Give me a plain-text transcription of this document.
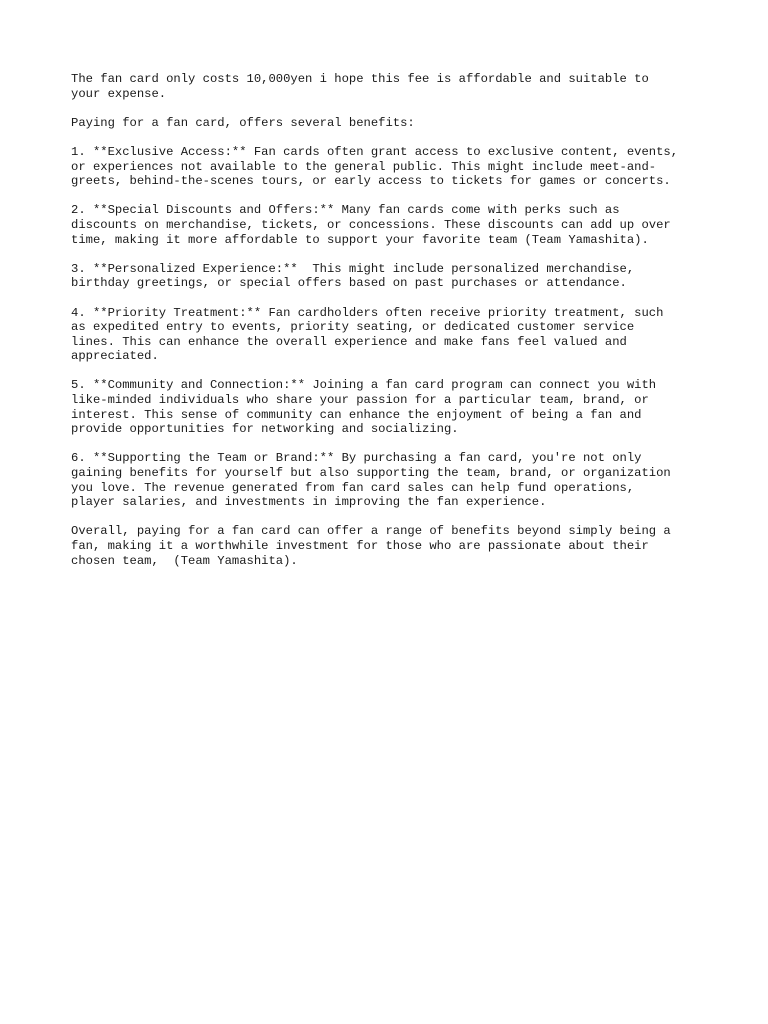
The fan card only costs 10,000yen i hope this fee is affordable and suitable to
your expense.

Paying for a fan card, offers several benefits:

1. **Exclusive Access:** Fan cards often grant access to exclusive content, events,
or experiences not available to the general public. This might include meet-and-
greets, behind-the-scenes tours, or early access to tickets for games or concerts.

2. **Special Discounts and Offers:** Many fan cards come with perks such as
discounts on merchandise, tickets, or concessions. These discounts can add up over
time, making it more affordable to support your favorite team (Team Yamashita).

3. **Personalized Experience:**  This might include personalized merchandise,
birthday greetings, or special offers based on past purchases or attendance.

4. **Priority Treatment:** Fan cardholders often receive priority treatment, such
as expedited entry to events, priority seating, or dedicated customer service
lines. This can enhance the overall experience and make fans feel valued and
appreciated.

5. **Community and Connection:** Joining a fan card program can connect you with
like-minded individuals who share your passion for a particular team, brand, or
interest. This sense of community can enhance the enjoyment of being a fan and
provide opportunities for networking and socializing.

6. **Supporting the Team or Brand:** By purchasing a fan card, you're not only
gaining benefits for yourself but also supporting the team, brand, or organization
you love. The revenue generated from fan card sales can help fund operations,
player salaries, and investments in improving the fan experience.

Overall, paying for a fan card can offer a range of benefits beyond simply being a
fan, making it a worthwhile investment for those who are passionate about their
chosen team,  (Team Yamashita).
